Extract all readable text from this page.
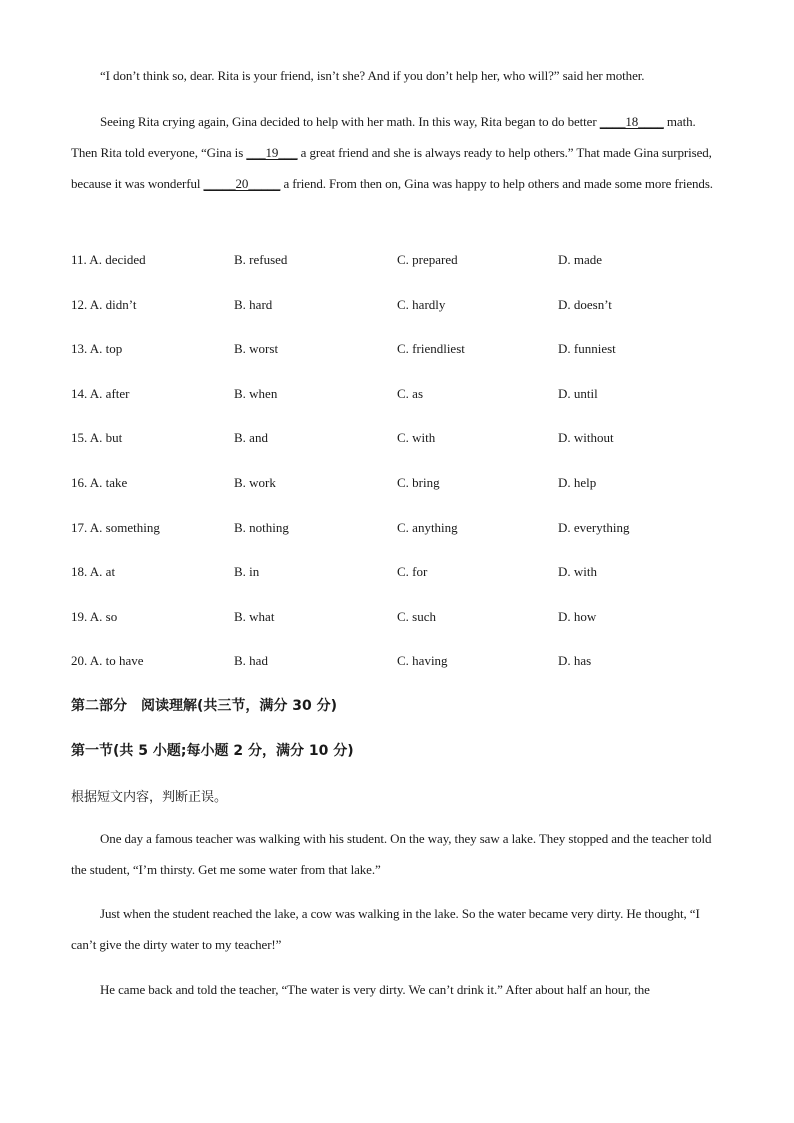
“I don’t think so, dear. Rita is your friend, isn’t she? And if you don’t help her, who will?” said her mother.

Seeing Rita crying again, Gina decided to help with her math. In this way, Rita began to do better ____18____ math. Then Rita told everyone, “Gina is ___19___ a great friend and she is always ready to help others.” That made Gina surprised, because it was wonderful _____20_____ a friend. From then on, Gina was happy to help others and made some more friends.

11. A. decided	B. refused	C. prepared	D. made
12. A. didn’t	B. hard	C. hardly	D. doesn’t
13. A. top	B. worst	C. friendliest	D. funniest
14. A. after	B. when	C. as	D. until
15. A. but	B. and	C. with	D. without
16. A. take	B. work	C. bring	D. help
17. A. something	B. nothing	C. anything	D. everything
18. A. at	B. in	C. for	D. with
19. A. so	B. what	C. such	D. how
20. A. to have	B. had	C. having	D. has

第二部分　阅读理解(共三节，满分 30 分)

第一节(共 5 小题;每小题 2 分，满分 10 分)

根据短文内容，判断正误。

One day a famous teacher was walking with his student. On the way, they saw a lake. They stopped and the teacher told the student, “I’m thirsty. Get me some water from that lake.”

Just when the student reached the lake, a cow was walking in the lake. So the water became very dirty. He thought, “I can’t give the dirty water to my teacher!”

He came back and told the teacher, “The water is very dirty. We can’t drink it.” After about half an hour, the
